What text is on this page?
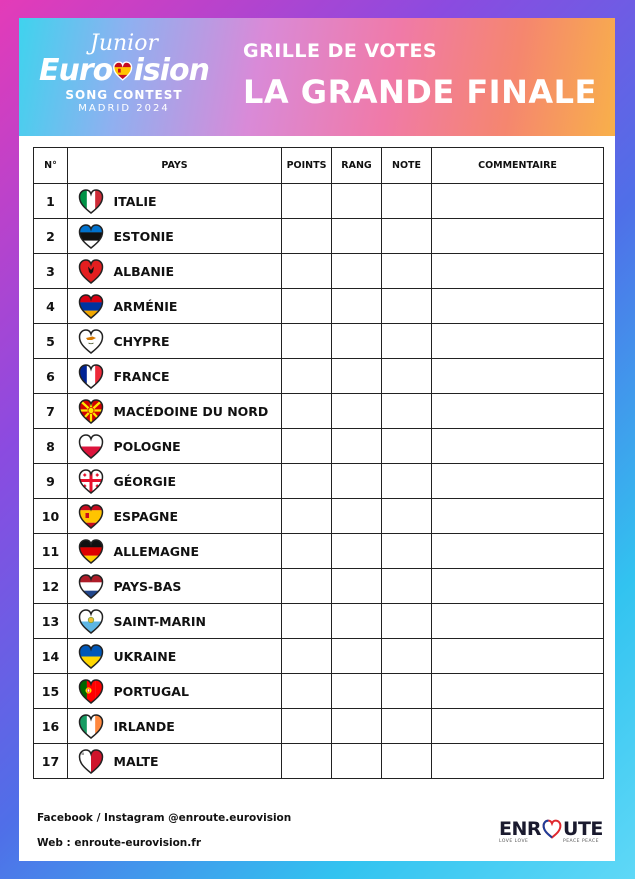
Junior
Euro ision
SONG CONTEST
MADRID 2024
GRILLE DE VOTES
LA GRANDE FINALE
N°	PAYS		POINTS	RANG	NOTE	COMMENTAIRE
1		ITALIE				
2		ESTONIE				
3		ALBANIE				
4		ARMÉNIE				
5		CHYPRE				
6		FRANCE				
7		MACÉDOINE DU NORD				
8		POLOGNE				
9		GÉORGIE				
10		ESPAGNE				
11		ALLEMAGNE				
12		PAYS-BAS				
13		SAINT-MARIN				
14		UKRAINE				
15		PORTUGAL				
16		IRLANDE				
17		MALTE				
Facebook / Instagram @enroute.eurovision
Web : enroute-eurovision.fr
EN R UTE
LOVE LOVE	PEACE PEACE
